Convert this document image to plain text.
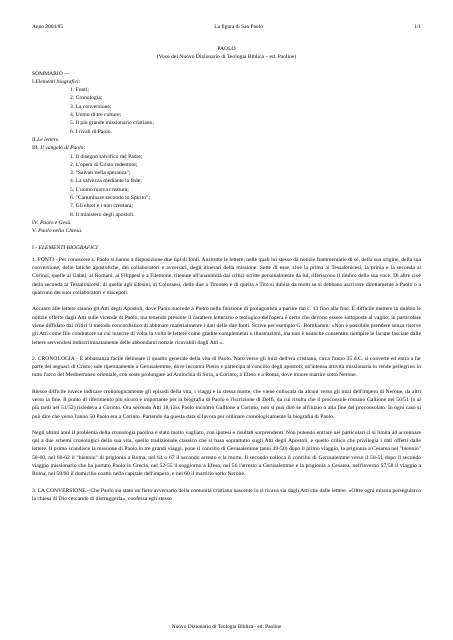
Anno 2004/05	La figura di San Paolo	1/1
PAOLO
(Voce del Nuovo Dizionario di Teologia Biblica – ed. Paoline)
SOMMARIO —
I.Elementi biografici:
1. Fonti;
2. Cronologia;
3. La conversione;
4. Uomo di tre culture;
5. Il più grande missionario cristiano;
6. I rivali di Paolo.
II.Le lettere.
III. Il vangelo di Paolo:
1. Il disegno salvifico del Padre;
2. L'opera di Cristo redentore;
3. "Salvati nella speranza";
4. La salvezza mediante la fede;
5. L'uomo nuova creatura;
6. "Camminare secondo lo Spirito";
7. Gli ebrei e i non cristiani;
8. Il ministero degli apostoli.
IV. Paolo e Gesù.
V. Paolo nella Chiesa.
I - ELEMENTI BIOGRAFICI

1. FONTI - Per conoscere s. Paolo si hanno a disposizione due tipi di fonti. Anzitutto le lettere, nelle quali lui stesso dà notizie frammentarie di sé, della sua origine, della sua conversione, delle fatiche apostoliche, dei collaboratori e avversari, degli itinerari della missione. Sette di esse, cioè la prima ai Tessalonicesi, la prima e la seconda ai Corinzi, quelle ai Galati, ai Romani, ai Filippesi e a Filemone, ritenute all'unanimità dai critici scritte personalmente da lui, riferiscono il timbro della sua voce. Di altre cioè della seconda ai Tessalonicesi, di quelle agli Efesini, ai Colossesi, delle due a Timoteo e di quella a Tito si dubita da molti se si debbano ascrivere direttamente a Paolo o a qualcuno dei suoi collaboratori e discepoli.

Accanto alle lettere stanno gli Atti degli Apostoli, dove Paolo succede a Pietro nella funzione di protagonista a partire dal c. 13 fino alla fine. È difficile mettere in dubbio le notizie offerte dagli Atti sulle vicende di Paolo, ma tenendo presente il carattere letterario e teologico dell'opera è certo che devono essere sottoposte al vaglio; in particolare viene diffidato dai critici il metodo concordistico di abbinare materialmente i dati delle due fonti. Scrive per esempio G. Bornkamm: «Non è possibile prendere senza riserve gli Atti come filo conduttore su cui inserire di volta in volta le lettere come gradite complementi o illustrazioni, ma non è neanche consentito riempire le lacune lasciate dalle lettere servendosi indiscriminatamente delle abbondanti notizie ricavabili dagli Atti ».

2. CRONOLOGIA - È abbastanza facile delineare il quadro generale della vita di Paolo. Nato verso gli inizi dell'era cristiana, circa l'anno 35 d.C. si converte ed entra a far parte dei seguaci di Cristo; sale ripetutamente a Gerusalemme, dove incontra Pietro e partecipa al concilio degli apostoli; un'intensa attività missionaria lo rende pellegrino in tutto l'arco del Mediterraneo orientale, con soste prolungate ad Antiochia di Siria, a Corinto, a Efeso e a Roma, dove muore martire sotto Nerone.

Riesce difficile invece indicare cronologicamente gli episodi della vita, i viaggi e la stessa morte, che viene collocata da alcuni verso gli inizi dell'impero di Nerone, da altri verso la fine. Il punto di riferimento più sicuro e importante per la biografia di Paolo è l'iscrizione di Delfi, da cui risulta che il proconsole romano Gallione nel 50/51 (o al più tardi nel 51/52) risiedeva a Corinto. Ora secondo Atti 18,12ss Paolo incontrò Gallione a Corinto, non si può dire se all'inizio o alla fine del proconsolato. In ogni caso si può dire che verso l'anno 50 Paolo era a Corinto. Partendo da questa data si lavora per ordinare cronologicamente la biografia di Paolo.

Negli ultimi anni il problema della cronologia paolina è stato molto vagliato, con ipotesi e risultati sorprendenti. Non potendo entrare nei particolari ci si limita ad accennare qui a due schemi cronologici della sua vita, quello tradizionale classico che si basa soprattutto sugli Atti degli Apostoli, e quello critico che privilegia i dati offerti dalle lettere. Il primo scandisce la missione di Paolo in tre grandi viaggi, pone il concilio di Gerusalemme (anni 49-50) dopo il primo viaggio, la prigionia a Cesarea nel "biennio" 58-60, nel 60-62 il "biennio" di prigionia a Roma, nel 64 o 67 il secondo arresto e la morte. Il secondo colloca il concilio di Gerusalemme verso il 50-51 dopo il secondo viaggio missionario che ha portato Paolo in Grecia, nel 52-55 il soggiorno a Efeso, nel 56 l'arresto a Gerusalemme e la prigionia a Cesarea, nell'inverno 57/58 il viaggio a Roma, nel 58/60 il domicilio coatto nella capitale dell'impero, e nel 60 il martirio sotto Nerone.

3. LA CONVERSIONE - Che Paolo sia stato un fiero avversario della comunità cristiana nascente lo si ricava sia dagli Atti che dalle lettere. «Oltre ogni misura perseguitavo la chiesa di Dio cercando di distruggerla», confessa egli stesso

Nuovo Dizionario di Teologia Biblica– ed. Paoline
